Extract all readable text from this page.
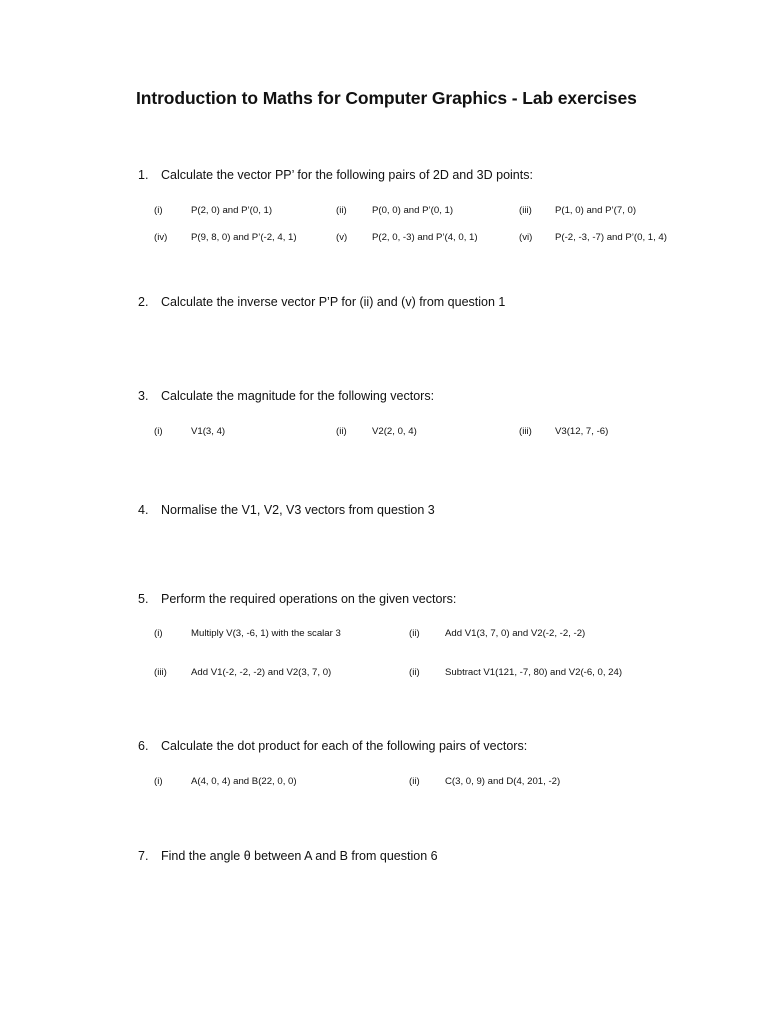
Introduction to Maths for Computer Graphics - Lab exercises
1. Calculate the vector PP’ for the following pairs of 2D and 3D points:
(i)	P(2, 0) and P’(0, 1)	(ii)	P(0, 0) and P’(0, 1)	(iii) P(1, 0) and P’(7, 0)
(iv) P(9, 8, 0) and P’(-2, 4, 1)	(v)	P(2, 0, -3) and P’(4, 0, 1)	(vi) P(-2, -3, -7) and P’(0, 1, 4)
2. Calculate the inverse vector P’P for (ii) and (v) from question 1
3. Calculate the magnitude for the following vectors:
(i)	V1(3, 4)	(ii)	V2(2, 0, 4)	(iii) V3(12, 7, -6)
4. Normalise the V1, V2, V3 vectors from question 3
5. Perform the required operations on the given vectors:
(i)	Multiply V(3, -6, 1) with the scalar 3	(ii)	Add V1(3, 7, 0) and V2(-2, -2, -2)
(iii)	Add V1(-2, -2, -2) and V2(3, 7, 0)	(ii)	Subtract V1(121, -7, 80) and V2(-6, 0, 24)
6. Calculate the dot product for each of the following pairs of vectors:
(i)	A(4, 0, 4) and B(22, 0, 0)	(ii)	C(3, 0, 9) and D(4, 201, -2)
7. Find the angle θ between A and B from question 6
